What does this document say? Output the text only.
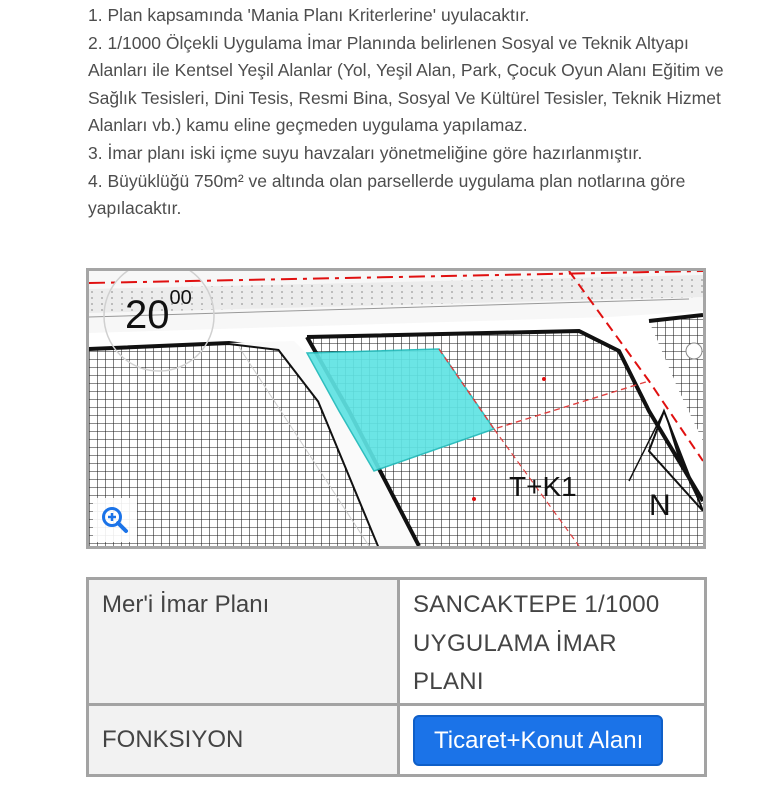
1. Plan kapsamında 'Mania Planı Kriterlerine' uyulacaktır.

2. 1/1000 Ölçekli Uygulama İmar Planında belirlenen Sosyal ve Teknik Altyapı Alanları ile Kentsel Yeşil Alanlar (Yol, Yeşil Alan, Park, Çocuk Oyun Alanı Eğitim ve Sağlık Tesisleri, Dini Tesis, Resmi Bina, Sosyal Ve Kültürel Tesisler, Teknik Hizmet Alanları vb.) kamu eline geçmeden uygulama yapılamaz.

3. İmar planı iski içme suyu havzaları yönetmeliğine göre hazırlanmıştır.

4. Büyüklüğü 750m² ve altında olan parsellerde uygulama plan notlarına göre yapılacaktır.

$20^{00}$
T+K1
N
Mer'i İmar Planı	SANCAKTEPE 1/1000 UYGULAMA İMAR PLANI
FONKSIYON	Ticaret+Konut Alanı
